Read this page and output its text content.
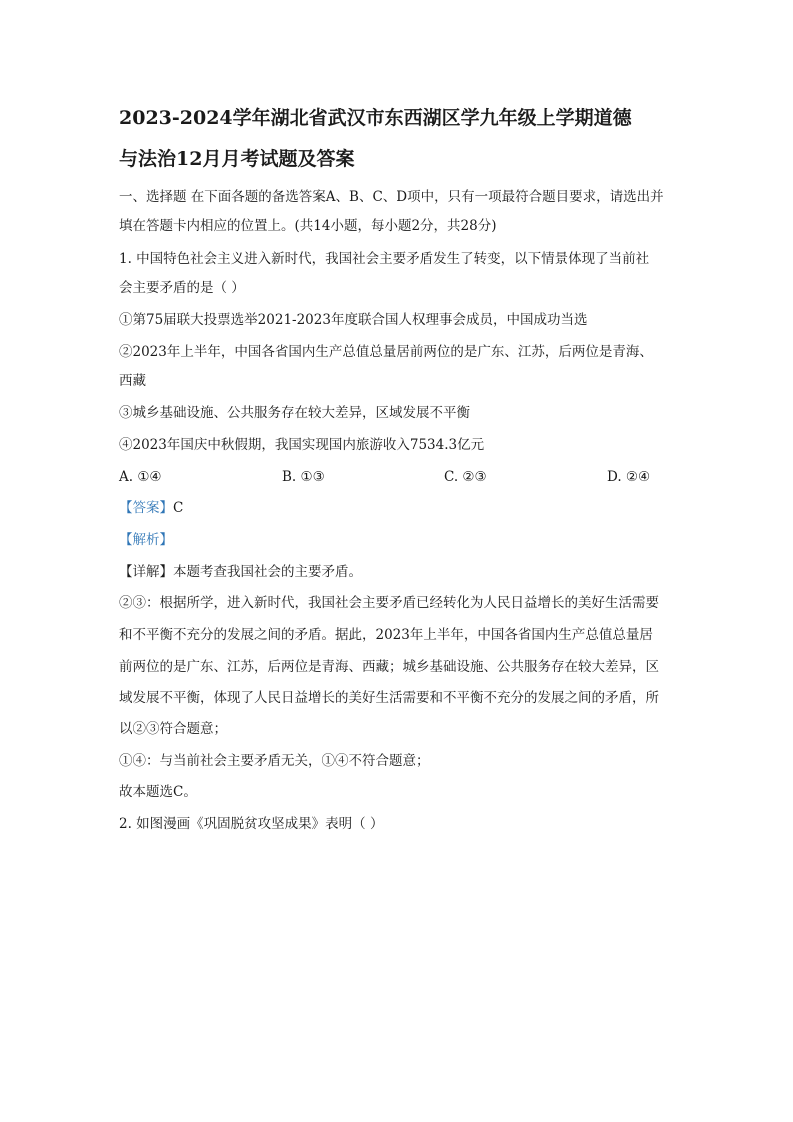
2023-2024学年湖北省武汉市东西湖区学九年级上学期道德
与法治12月月考试题及答案
一、选择题 在下面各题的备选答案A、B、C、D项中，只有一项最符合题目要求，请选出并
填在答题卡内相应的位置上。(共14小题，每小题2分，共28分)
1. 中国特色社会主义进入新时代，我国社会主要矛盾发生了转变，以下情景体现了当前社
会主要矛盾的是（ ）
①第75届联大投票选举2021-2023年度联合国人权理事会成员，中国成功当选
②2023年上半年，中国各省国内生产总值总量居前两位的是广东、江苏，后两位是青海、
西藏
③城乡基础设施、公共服务存在较大差异，区域发展不平衡
④2023年国庆中秋假期，我国实现国内旅游收入7534.3亿元
A. ①④	B. ①③	C. ②③	D. ②④
【答案】C
【解析】
【详解】本题考查我国社会的主要矛盾。
②③：根据所学，进入新时代，我国社会主要矛盾已经转化为人民日益增长的美好生活需要
和不平衡不充分的发展之间的矛盾。据此，2023年上半年，中国各省国内生产总值总量居
前两位的是广东、江苏，后两位是青海、西藏；城乡基础设施、公共服务存在较大差异，区
域发展不平衡，体现了人民日益增长的美好生活需要和不平衡不充分的发展之间的矛盾，所
以②③符合题意；
①④：与当前社会主要矛盾无关，①④不符合题意；
故本题选C。
2. 如图漫画《巩固脱贫攻坚成果》表明（ ）
